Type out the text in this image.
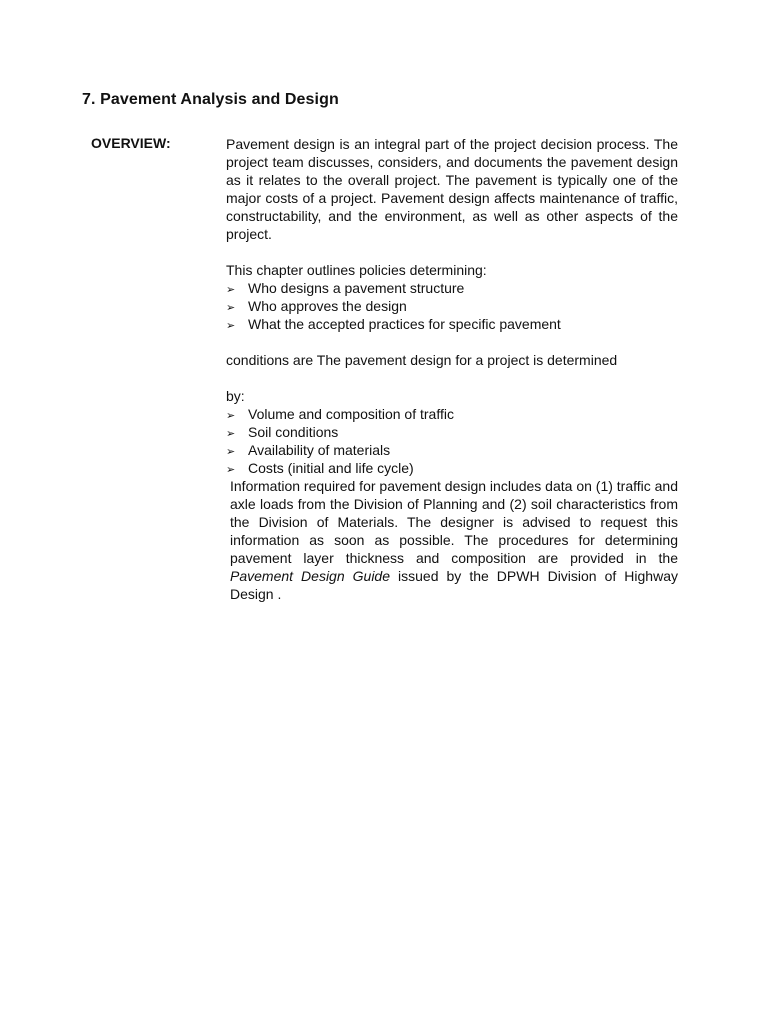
7. Pavement Analysis and Design
OVERVIEW:	Pavement design is an integral part of the project decision process. The project team discusses, considers, and documents the pavement design as it relates to the overall project. The pavement is typically one of the major costs of a project. Pavement design affects maintenance of traffic, constructability, and the environment, as well as other aspects of the project.

This chapter outlines policies determining:

➢ Who designs a pavement structure
➢ Who approves the design
➢ What the accepted practices for specific pavement

conditions are The pavement design for a project is determined

by:

➢ Volume and composition of traffic
➢ Soil conditions
➢ Availability of materials
➢ Costs (initial and life cycle)

Information required for pavement design includes data on (1) traffic and axle loads from the Division of Planning and (2) soil characteristics from the Division of Materials. The designer is advised to request this information as soon as possible. The procedures for determining pavement layer thickness and composition are provided in the Pavement Design Guide issued by the DPWH Division of Highway Design .
